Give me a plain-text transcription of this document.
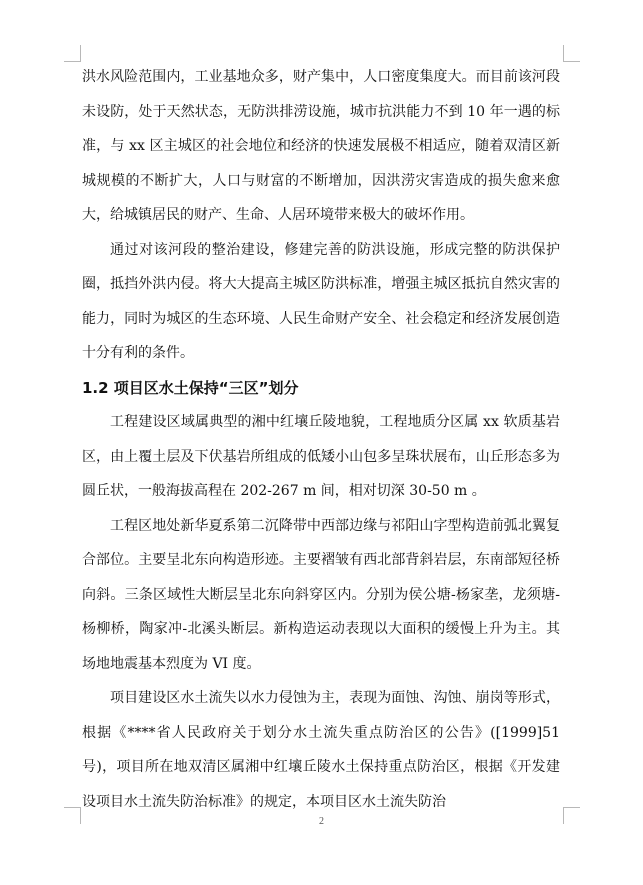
洪水风险范围内，工业基地众多，财产集中，人口密度集度大。而目前该河段未设防，处于天然状态，无防洪排涝设施，城市抗洪能力不到 10 年一遇的标准，与 xx 区主城区的社会地位和经济的快速发展极不相适应，随着双清区新城规模的不断扩大，人口与财富的不断增加，因洪涝灾害造成的损失愈来愈大，给城镇居民的财产、生命、人居环境带来极大的破坏作用。

通过对该河段的整治建设，修建完善的防洪设施，形成完整的防洪保护圈，抵挡外洪内侵。将大大提高主城区防洪标准，增强主城区抵抗自然灾害的能力，同时为城区的生态环境、人民生命财产安全、社会稳定和经济发展创造十分有利的条件。

1.2 项目区水土保持“三区”划分

工程建设区域属典型的湘中红壤丘陵地貌，工程地质分区属 xx 软质基岩区，由上覆土层及下伏基岩所组成的低矮小山包多呈珠状展布，山丘形态多为圆丘状，一般海拔高程在 202-267 m 间，相对切深 30-50 m 。

工程区地处新华夏系第二沉降带中西部边缘与祁阳山字型构造前弧北翼复合部位。主要呈北东向构造形迹。主要褶皱有西北部背斜岩层，东南部短径桥向斜。三条区域性大断层呈北东向斜穿区内。分别为侯公塘-杨家垄，龙须塘-杨柳桥，陶家冲-北溪头断层。新构造运动表现以大面积的缓慢上升为主。其场地地震基本烈度为 VI 度。

项目建设区水土流失以水力侵蚀为主，表现为面蚀、沟蚀、崩岗等形式，根据《****省人民政府关于划分水土流失重点防治区的公告》([1999]51 号)，项目所在地双清区属湘中红壤丘陵水土保持重点防治区，根据《开发建设项目水土流失防治标准》的规定，本项目区水土流失防治

2
